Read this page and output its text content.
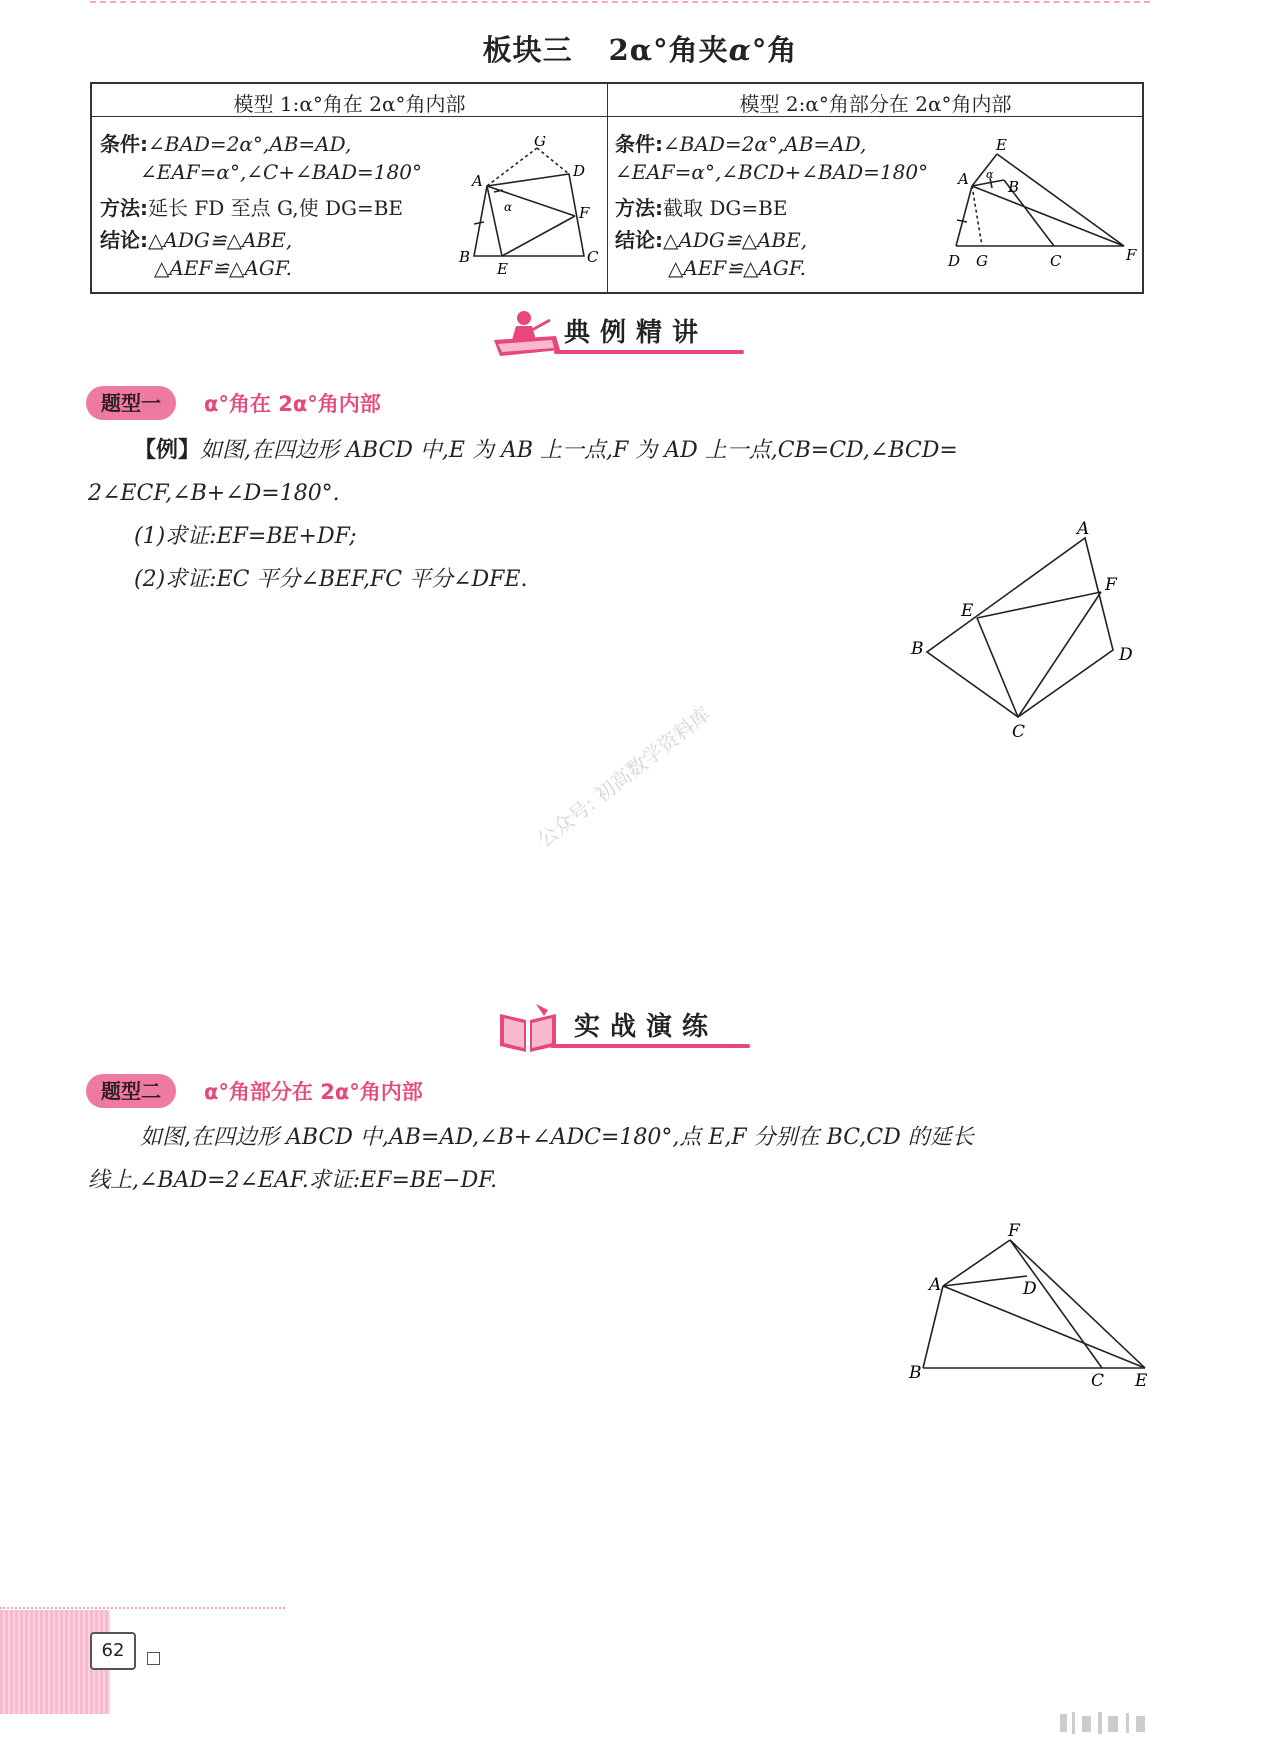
板块三 2α°角夹α°角
模型 1:α°角在 2α°角内部	模型 2:α°角部分在 2α°角内部
条件:∠BAD=2α°,AB=AD,
∠EAF=α°,∠C+∠BAD=180°
方法:延长 FD 至点 G,使 DG=BE
结论:△ADG≌△ABE,
△AEF≌△AGF.
条件:∠BAD=2α°,AB=AD,
∠EAF=α°,∠BCD+∠BAD=180°
方法:截取 DG=BE
结论:△ADG≌△ABE,
△AEF≌△AGF.
G
A
D
α	F
B
E
C
E
A	B
α
D G	C	F
典例精讲
题型一	α°角在 2α°角内部
【例】如图,在四边形 ABCD 中,E 为 AB 上一点,F 为 AD 上一点,CB=CD,∠BCD=
2∠ECF,∠B+∠D=180°.
(1)求证:EF=BE+DF;
(2)求证:EC 平分∠BEF,FC 平分∠DFE.
A
F
E
B	D
C
公众号: 初高数学资料库
实战演练
题型二	α°角部分在 2α°角内部
如图,在四边形 ABCD 中,AB=AD,∠B+∠ADC=180°,点 E,F 分别在 BC,CD 的延长
线上,∠BAD=2∠EAF.求证:EF=BE−DF.
F
A	D
B	C E
62
